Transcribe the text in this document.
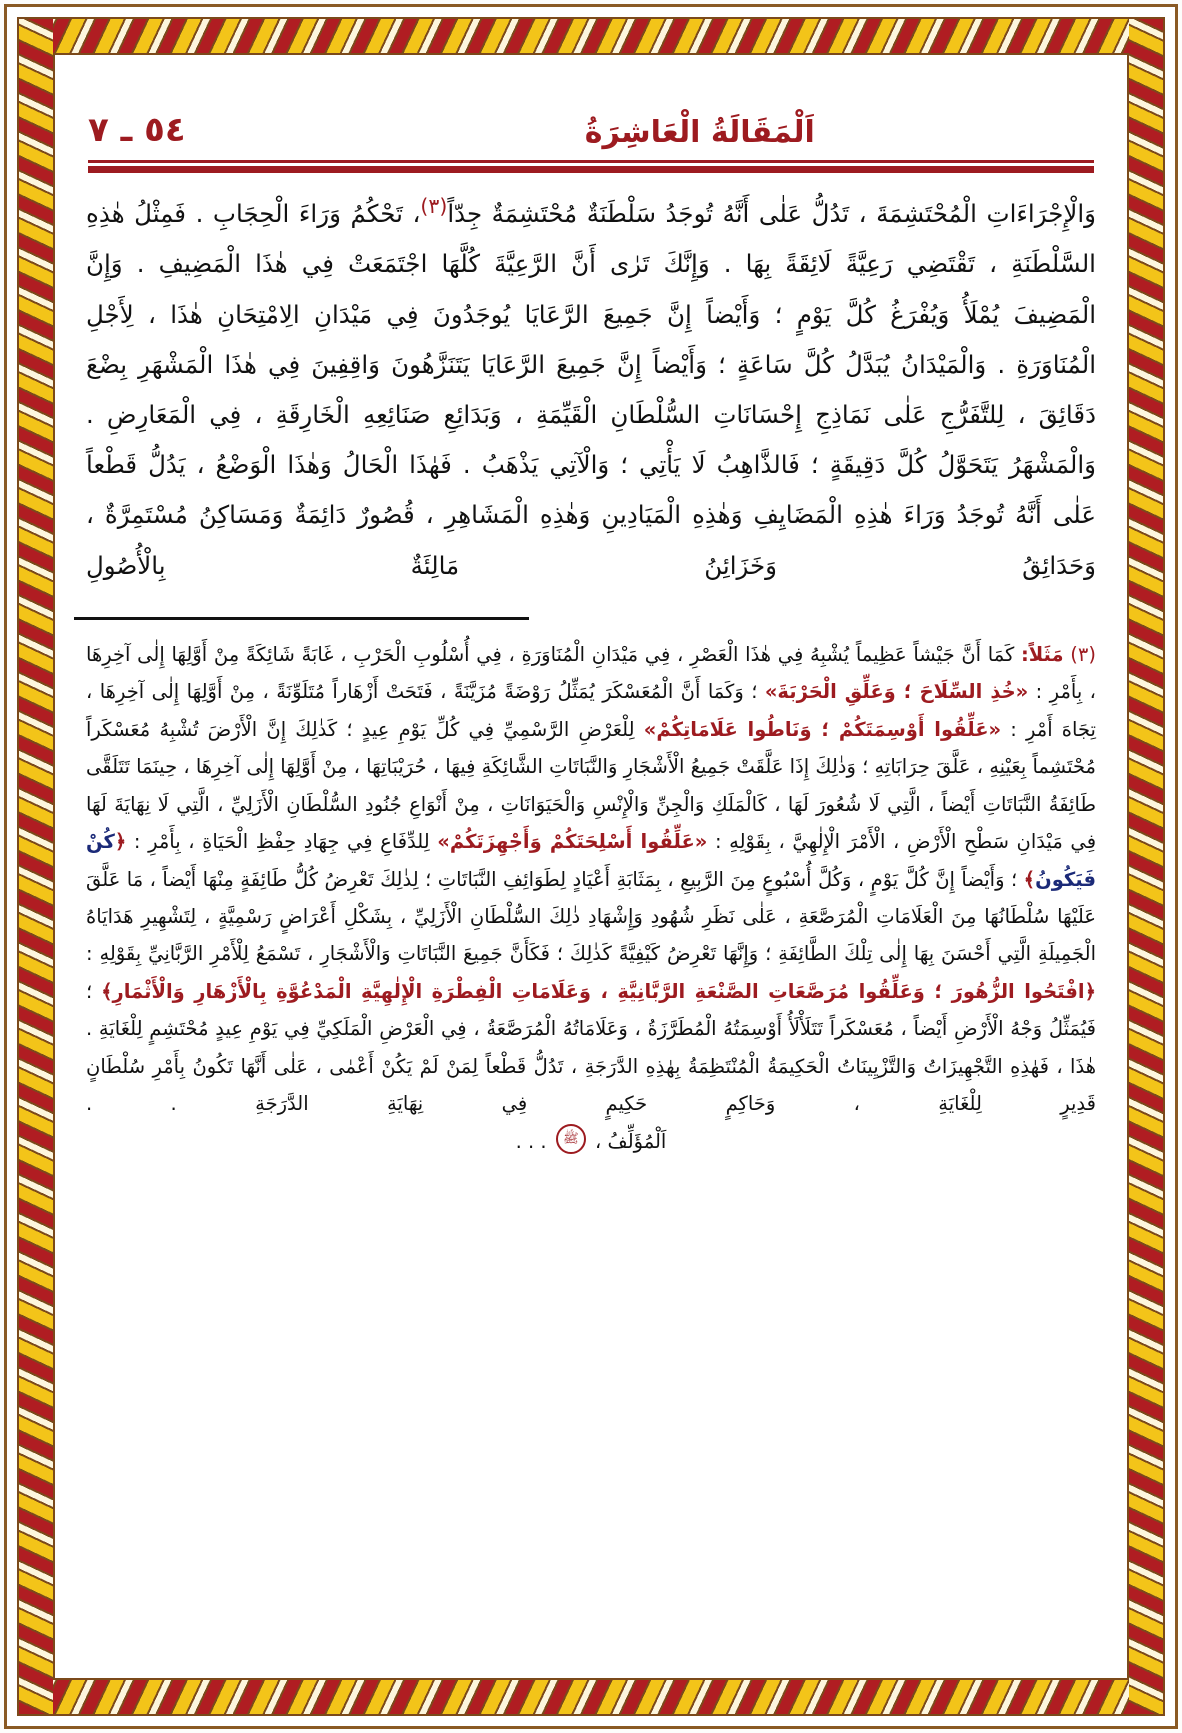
اَلْمَقَالَةُ الْعَاشِرَةُ
٥٤ ـ ٧

وَالْإِجْرَاءَاتِ الْمُحْتَشِمَةَ ، تَدُلُّ عَلٰى أَنَّهُ تُوجَدُ سَلْطَنَةٌ مُحْتَشِمَةٌ جِدّاً$^{(٣)}$، تَحْكُمُ وَرَاءَ الْحِجَابِ . فَمِثْلُ هٰذِهِ السَّلْطَنَةِ ، تَقْتَضِي رَعِيَّةً لَائِقَةً بِهَا . وَإِنَّكَ تَرٰى أَنَّ الرَّعِيَّةَ كُلَّهَا اجْتَمَعَتْ فِي هٰذَا الْمَضِيفِ . وَإِنَّ الْمَضِيفَ يُمْلَأُ وَيُفْرَغُ كُلَّ يَوْمٍ ؛ وَأَيْضاً إِنَّ جَمِيعَ الرَّعَايَا يُوجَدُونَ فِي مَيْدَانِ الِامْتِحَانِ هٰذَا ، لِأَجْلِ الْمُنَاوَرَةِ . وَالْمَيْدَانُ يُبَدَّلُ كُلَّ سَاعَةٍ ؛ وَأَيْضاً إِنَّ جَمِيعَ الرَّعَايَا يَتَنَزَّهُونَ وَاقِفِينَ فِي هٰذَا الْمَشْهَرِ بِضْعَ دَقَائِقَ ، لِلتَّفَرُّجِ عَلٰى نَمَاذِجِ إِحْسَانَاتِ السُّلْطَانِ الْقَيِّمَةِ ، وَبَدَائِعِ صَنَائِعِهِ الْخَارِقَةِ ، فِي الْمَعَارِضِ . وَالْمَشْهَرُ يَتَحَوَّلُ كُلَّ دَقِيقَةٍ ؛ فَالذَّاهِبُ لَا يَأْتِي ؛ وَالْآتِي يَذْهَبُ . فَهٰذَا الْحَالُ وَهٰذَا الْوَضْعُ ، يَدُلُّ قَطْعاً عَلٰى أَنَّهُ تُوجَدُ وَرَاءَ هٰذِهِ الْمَضَايِفِ وَهٰذِهِ الْمَيَادِينِ وَهٰذِهِ الْمَشَاهِرِ ، قُصُورٌ دَائِمَةٌ وَمَسَاكِنُ مُسْتَمِرَّةٌ ، وَحَدَائِقُ وَخَزَائِنُ مَالِئَةٌ بِالْأُصُولِ

(٣) مَثَلاً: كَمَا أَنَّ جَيْشاً عَظِيماً يُشْبِهُ فِي هٰذَا الْعَصْرِ ، فِي مَيْدَانِ الْمُنَاوَرَةِ ، فِي أُسْلُوبِ الْحَرْبِ ، غَابَةً شَائِكَةً مِنْ أَوَّلِهَا إِلٰى آخِرِهَا ، بِأَمْرِ : «خُذِ السِّلَاحَ ؛ وَعَلِّقِ الْحَرْبَةَ» ؛ وَكَمَا أَنَّ الْمُعَسْكَرَ يُمَثِّلُ رَوْضَةً مُزَيَّنَةً ، فَتَحَتْ أَزْهَاراً مُتَلَوِّنَةً ، مِنْ أَوَّلِهَا إِلٰى آخِرِهَا ، تِجَاهَ أَمْرِ : «عَلِّقُوا أَوْسِمَتَكُمْ ؛ وَنَاطُوا عَلَامَاتِكُمْ» لِلْعَرْضِ الرَّسْمِيِّ فِي كُلِّ يَوْمِ عِيدٍ ؛ كَذٰلِكَ إِنَّ الْأَرْضَ تُشْبِهُ مُعَسْكَراً مُحْتَشِماً بِعَيْنِهِ ، عَلَّقَ حِرَابَاتِهِ ؛ وَذٰلِكَ إِذَا عَلَّقَتْ جَمِيعُ الْأَشْجَارِ وَالنَّبَاتَاتِ الشَّائِكَةِ فِيهَا ، حُرَيْبَاتِهَا ، مِنْ أَوَّلِهَا إِلٰى آخِرِهَا ، حِينَمَا تَتَلَقَّى طَائِفَةُ النَّبَاتَاتِ أَيْضاً ، الَّتِي لَا شُعُورَ لَهَا ، كَالْمَلَكِ وَالْجِنِّ وَالْإِنْسِ وَالْحَيَوَانَاتِ ، مِنْ أَنْوَاعِ جُنُودِ السُّلْطَانِ الْأَزَلِيِّ ، الَّتِي لَا نِهَايَةَ لَهَا فِي مَيْدَانِ سَطْحِ الْأَرْضِ ، الْأَمْرَ الْإِلٰهِيَّ ، بِقَوْلِهِ : «عَلِّقُوا أَسْلِحَتَكُمْ وَأَجْهِزَتَكُمْ» لِلدِّفَاعِ فِي جِهَادِ حِفْظِ الْحَيَاةِ ، بِأَمْرِ : ﴿كُنْ فَيَكُونُ﴾ ؛ وَأَيْضاً إِنَّ كُلَّ يَوْمٍ ، وَكُلَّ أُسْبُوعٍ مِنَ الرَّبِيعِ ، بِمَثَابَةِ أَعْيَادٍ لِطَوَائِفِ النَّبَاتَاتِ ؛ لِذٰلِكَ تَعْرِضُ كُلُّ طَائِفَةٍ مِنْهَا أَيْضاً ، مَا عَلَّقَ عَلَيْهَا سُلْطَانُهَا مِنَ الْعَلَامَاتِ الْمُرَصَّعَةِ ، عَلٰى نَظَرِ شُهُودِ وَإِشْهَادِ ذٰلِكَ السُّلْطَانِ الْأَزَلِيِّ ، بِشَكْلِ أَعْرَاضٍ رَسْمِيَّةٍ ، لِتَشْهِيرِ هَدَايَاهُ الْجَمِيلَةِ الَّتِي أَحْسَنَ بِهَا إِلٰى تِلْكَ الطَّائِفَةِ ؛ وَإِنَّهَا تَعْرِضُ كَيْفِيَّةً كَذٰلِكَ ؛ فَكَأَنَّ جَمِيعَ النَّبَاتَاتِ وَالْأَشْجَارِ ، تَسْمَعُ لِلْأَمْرِ الرَّبَّانِيِّ بِقَوْلِهِ : ﴿افْتَحُوا الزُّهُورَ ؛ وَعَلِّقُوا مُرَصَّعَاتِ الصَّنْعَةِ الرَّبَّانِيَّةِ ، وَعَلَامَاتِ الْفِطْرَةِ الْإِلٰهِيَّةِ الْمَدْعُوَّةِ بِالْأَزْهَارِ وَالْأَثْمَارِ﴾ ؛ فَيُمَثِّلُ وَجْهُ الْأَرْضِ أَيْضاً ، مُعَسْكَراً تَتَلَأْلَأُ أَوْسِمَتُهُ الْمُطَرَّزَةُ ، وَعَلَامَاتُهُ الْمُرَصَّعَةُ ، فِي الْعَرْضِ الْمَلَكِيِّ فِي يَوْمِ عِيدٍ مُحْتَشِمٍ لِلْغَايَةِ . هٰذَا ، فَهٰذِهِ التَّجْهِيزَاتُ وَالتَّزْيِينَاتُ الْحَكِيمَةُ الْمُنْتَظِمَةُ بِهٰذِهِ الدَّرَجَةِ ، تَدُلُّ قَطْعاً لِمَنْ لَمْ يَكُنْ أَعْمٰى ، عَلٰى أَنَّهَا تَكُونُ بِأَمْرِ سُلْطَانٍ قَدِيرٍ لِلْغَايَةِ ، وَحَاكِمٍ حَكِيمٍ فِي نِهَايَةِ الدَّرَجَةِ . .

اَلْمُؤَلِّفُ ، ﷺ . . .
